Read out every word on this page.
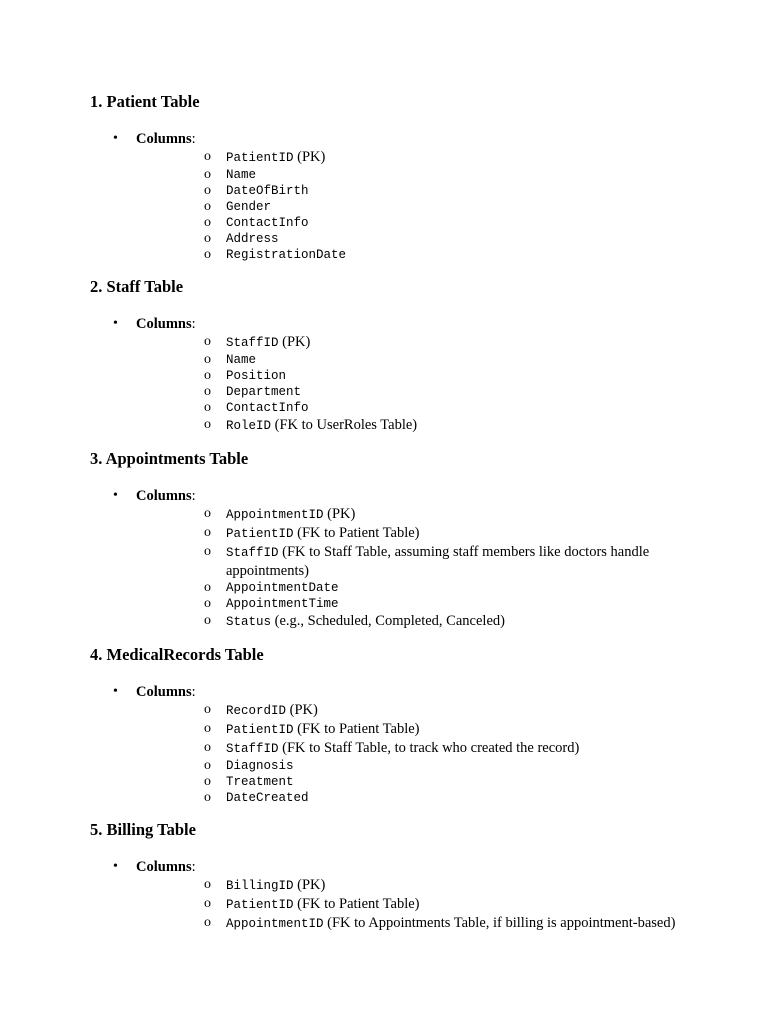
1. Patient Table
• Columns:
o PatientID (PK)
o Name
o DateOfBirth
o Gender
o ContactInfo
o Address
o RegistrationDate
2. Staff Table
• Columns:
o StaffID (PK)
o Name
o Position
o Department
o ContactInfo
o RoleID (FK to UserRoles Table)
3. Appointments Table
• Columns:
o AppointmentID (PK)
o PatientID (FK to Patient Table)
o StaffID (FK to Staff Table, assuming staff members like doctors handle appointments)
o AppointmentDate
o AppointmentTime
o Status (e.g., Scheduled, Completed, Canceled)
4. MedicalRecords Table
• Columns:
o RecordID (PK)
o PatientID (FK to Patient Table)
o StaffID (FK to Staff Table, to track who created the record)
o Diagnosis
o Treatment
o DateCreated
5. Billing Table
• Columns:
o BillingID (PK)
o PatientID (FK to Patient Table)
o AppointmentID (FK to Appointments Table, if billing is appointment-based)
